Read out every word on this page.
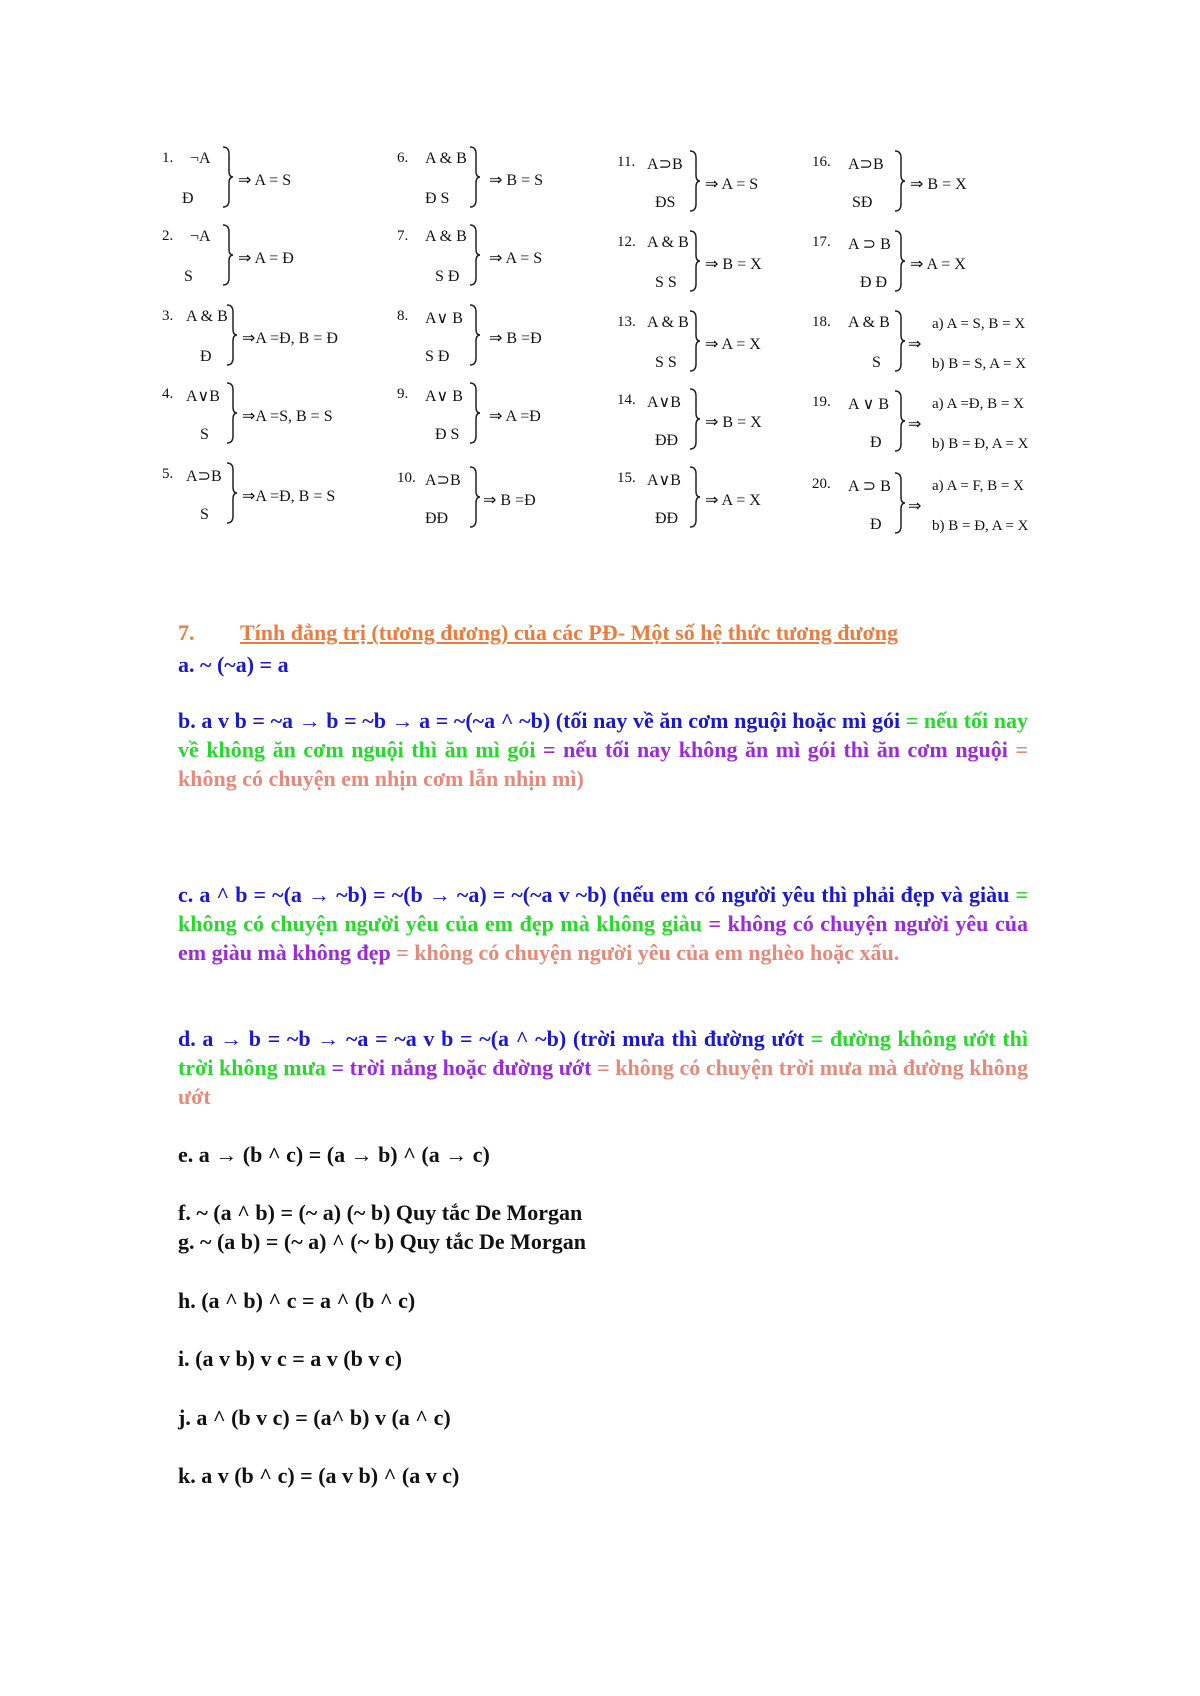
1. ¬A
Đ
⇒ A = S
2. ¬A
S
⇒ A = Đ
3. A & B
Đ
⇒A =Đ, B = Đ
4. A∨B
S
⇒A =S, B = S
5. A⊃B
S
⇒A =Đ, B = S
6. A & B
Đ S
⇒ B = S
7. A & B
S Đ
⇒ A = S
8. A∨ B
S Đ
⇒ B =Đ
9. A∨ B
Đ S
⇒ A =Đ
10. A⊃B
ĐĐ
⇒ B =Đ
11. A⊃B
ĐS
⇒ A = S
12. A & B
S S
⇒ B = X
13. A & B
S S
⇒ A = X
14. A∨B
ĐĐ
⇒ B = X
15. A∨B
ĐĐ
⇒ A = X
16. A⊃B
SĐ
⇒ B = X
17. A ⊃ B
Đ Đ
⇒ A = X
18. A & B
S
⇒
a) A = S, B = X
b) B = S, A = X
19. A ∨ B
Đ
⇒
a) A =Đ, B = X
b) B = Đ, A = X
20. A ⊃ B
Đ
⇒
a) A = F, B = X
b) B = Đ, A = X
7. Tính đẳng trị (tương đương) của các PĐ- Một số hệ thức tương đương
a. ~ (~a) = a
b. a v b = ~a → b = ~b → a = ~(~a ^ ~b) (tối nay về ăn cơm nguội hoặc mì gói = nếu tối nay về không ăn cơm nguội thì ăn mì gói = nếu tối nay không ăn mì gói thì ăn cơm nguội = không có chuyện em nhịn cơm lẫn nhịn mì)
c. a ^ b = ~(a → ~b) = ~(b → ~a) = ~(~a v ~b) (nếu em có người yêu thì phải đẹp và giàu = không có chuyện người yêu của em đẹp mà không giàu = không có chuyện người yêu của em giàu mà không đẹp = không có chuyện người yêu của em nghèo hoặc xấu.
d. a → b = ~b → ~a = ~a v b = ~(a ^ ~b) (trời mưa thì đường ướt = đường không ướt thì trời không mưa = trời nắng hoặc đường ướt = không có chuyện trời mưa mà đường không ướt
e. a → (b ^ c) = (a → b) ^ (a → c)
f. ~ (a ^ b) = (~ a) (~ b) Quy tắc De Morgan
g. ~ (a b) = (~ a) ^ (~ b) Quy tắc De Morgan
h. (a ^ b) ^ c = a ^ (b ^ c)
i. (a v b) v c = a v (b v c)
j. a ^ (b v c) = (a^ b) v (a ^ c)
k. a v (b ^ c) = (a v b) ^ (a v c)
